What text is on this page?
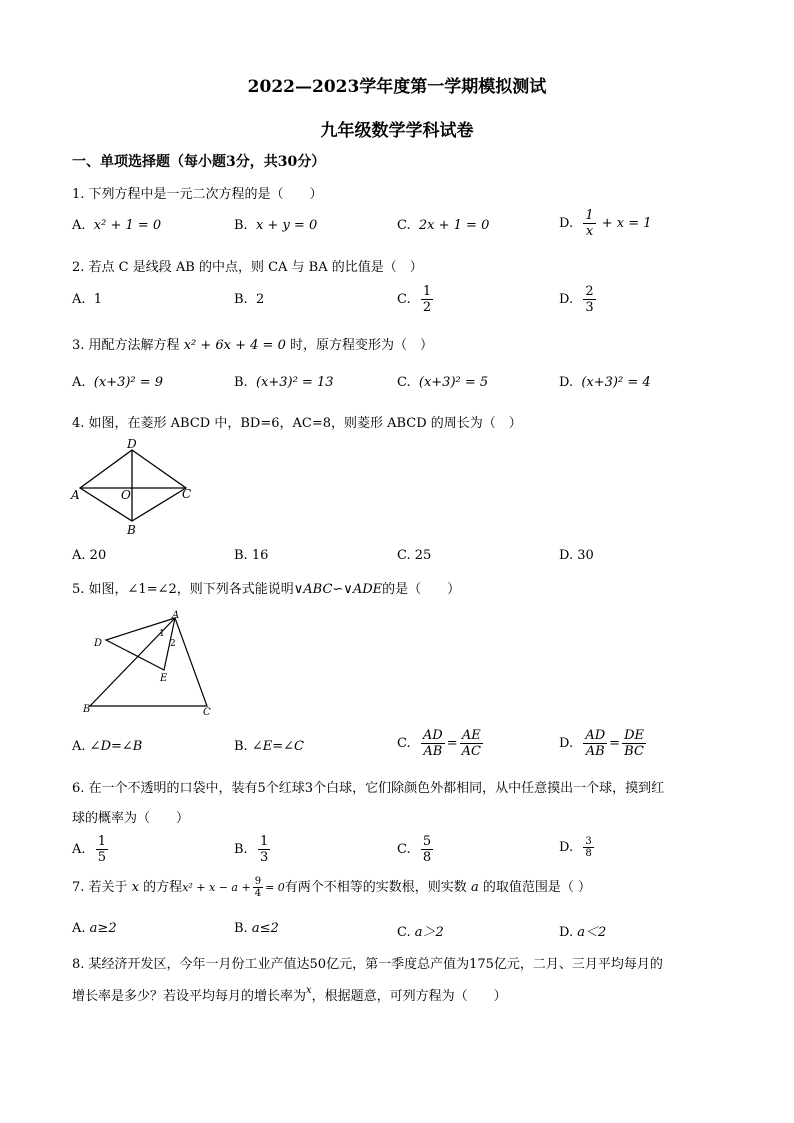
2022—2023学年度第一学期模拟测试
九年级数学学科试卷
一、单项选择题（每小题3分，共30分）
1. 下列方程中是一元二次方程的是（　　）
A. x² + 1 = 0	B. x + y = 0	C. 2x + 1 = 0	D. $\frac{1}{x} + x = 1$
2. 若点 C 是线段 AB 的中点，则 CA 与 BA 的比值是（　）
A. 1	B. 2	C. $\frac{1}{2}$	D. $\frac{2}{3}$
3. 用配方法解方程 x² + 6x + 4 = 0 时，原方程变形为（　）
A. (x+3)² = 9	B. (x+3)² = 13	C. (x+3)² = 5	D. (x+3)² = 4
4. 如图，在菱形 ABCD 中，BD=6，AC=8，则菱形 ABCD 的周长为（　）
D
A	O	C
B
A. 20	B. 16	C. 25	D. 30
5. 如图，∠1=∠2，则下列各式能说明∨ABC∽∨ADE的是（　　）
A
D
E
B	C
1
2
A. ∠D=∠B	B. ∠E=∠C	C. $\frac{AD}{AB} = \frac{AE}{AC}$	D. $\frac{AD}{AB} = \frac{DE}{BC}$
6. 在一个不透明的口袋中，装有5个红球3个白球，它们除颜色外都相同，从中任意摸出一个球，摸到红
球的概率为（　　）
A. $\frac{1}{5}$	B. $\frac{1}{3}$	C. $\frac{5}{8}$	D. $\frac{3}{8}$
7. 若关于 x 的方程$x^2 + x - a + \frac{9}{4} = 0$有两个不相等的实数根，则实数 a 的取值范围是（ ）
A. a≥2	B. a≤2	C. a＞2	D. a＜2
8. 某经济开发区，今年一月份工业产值达50亿元，第一季度总产值为175亿元，二月、三月平均每月的
增长率是多少？若设平均每月的增长率为$^x$，根据题意，可列方程为（　　）
